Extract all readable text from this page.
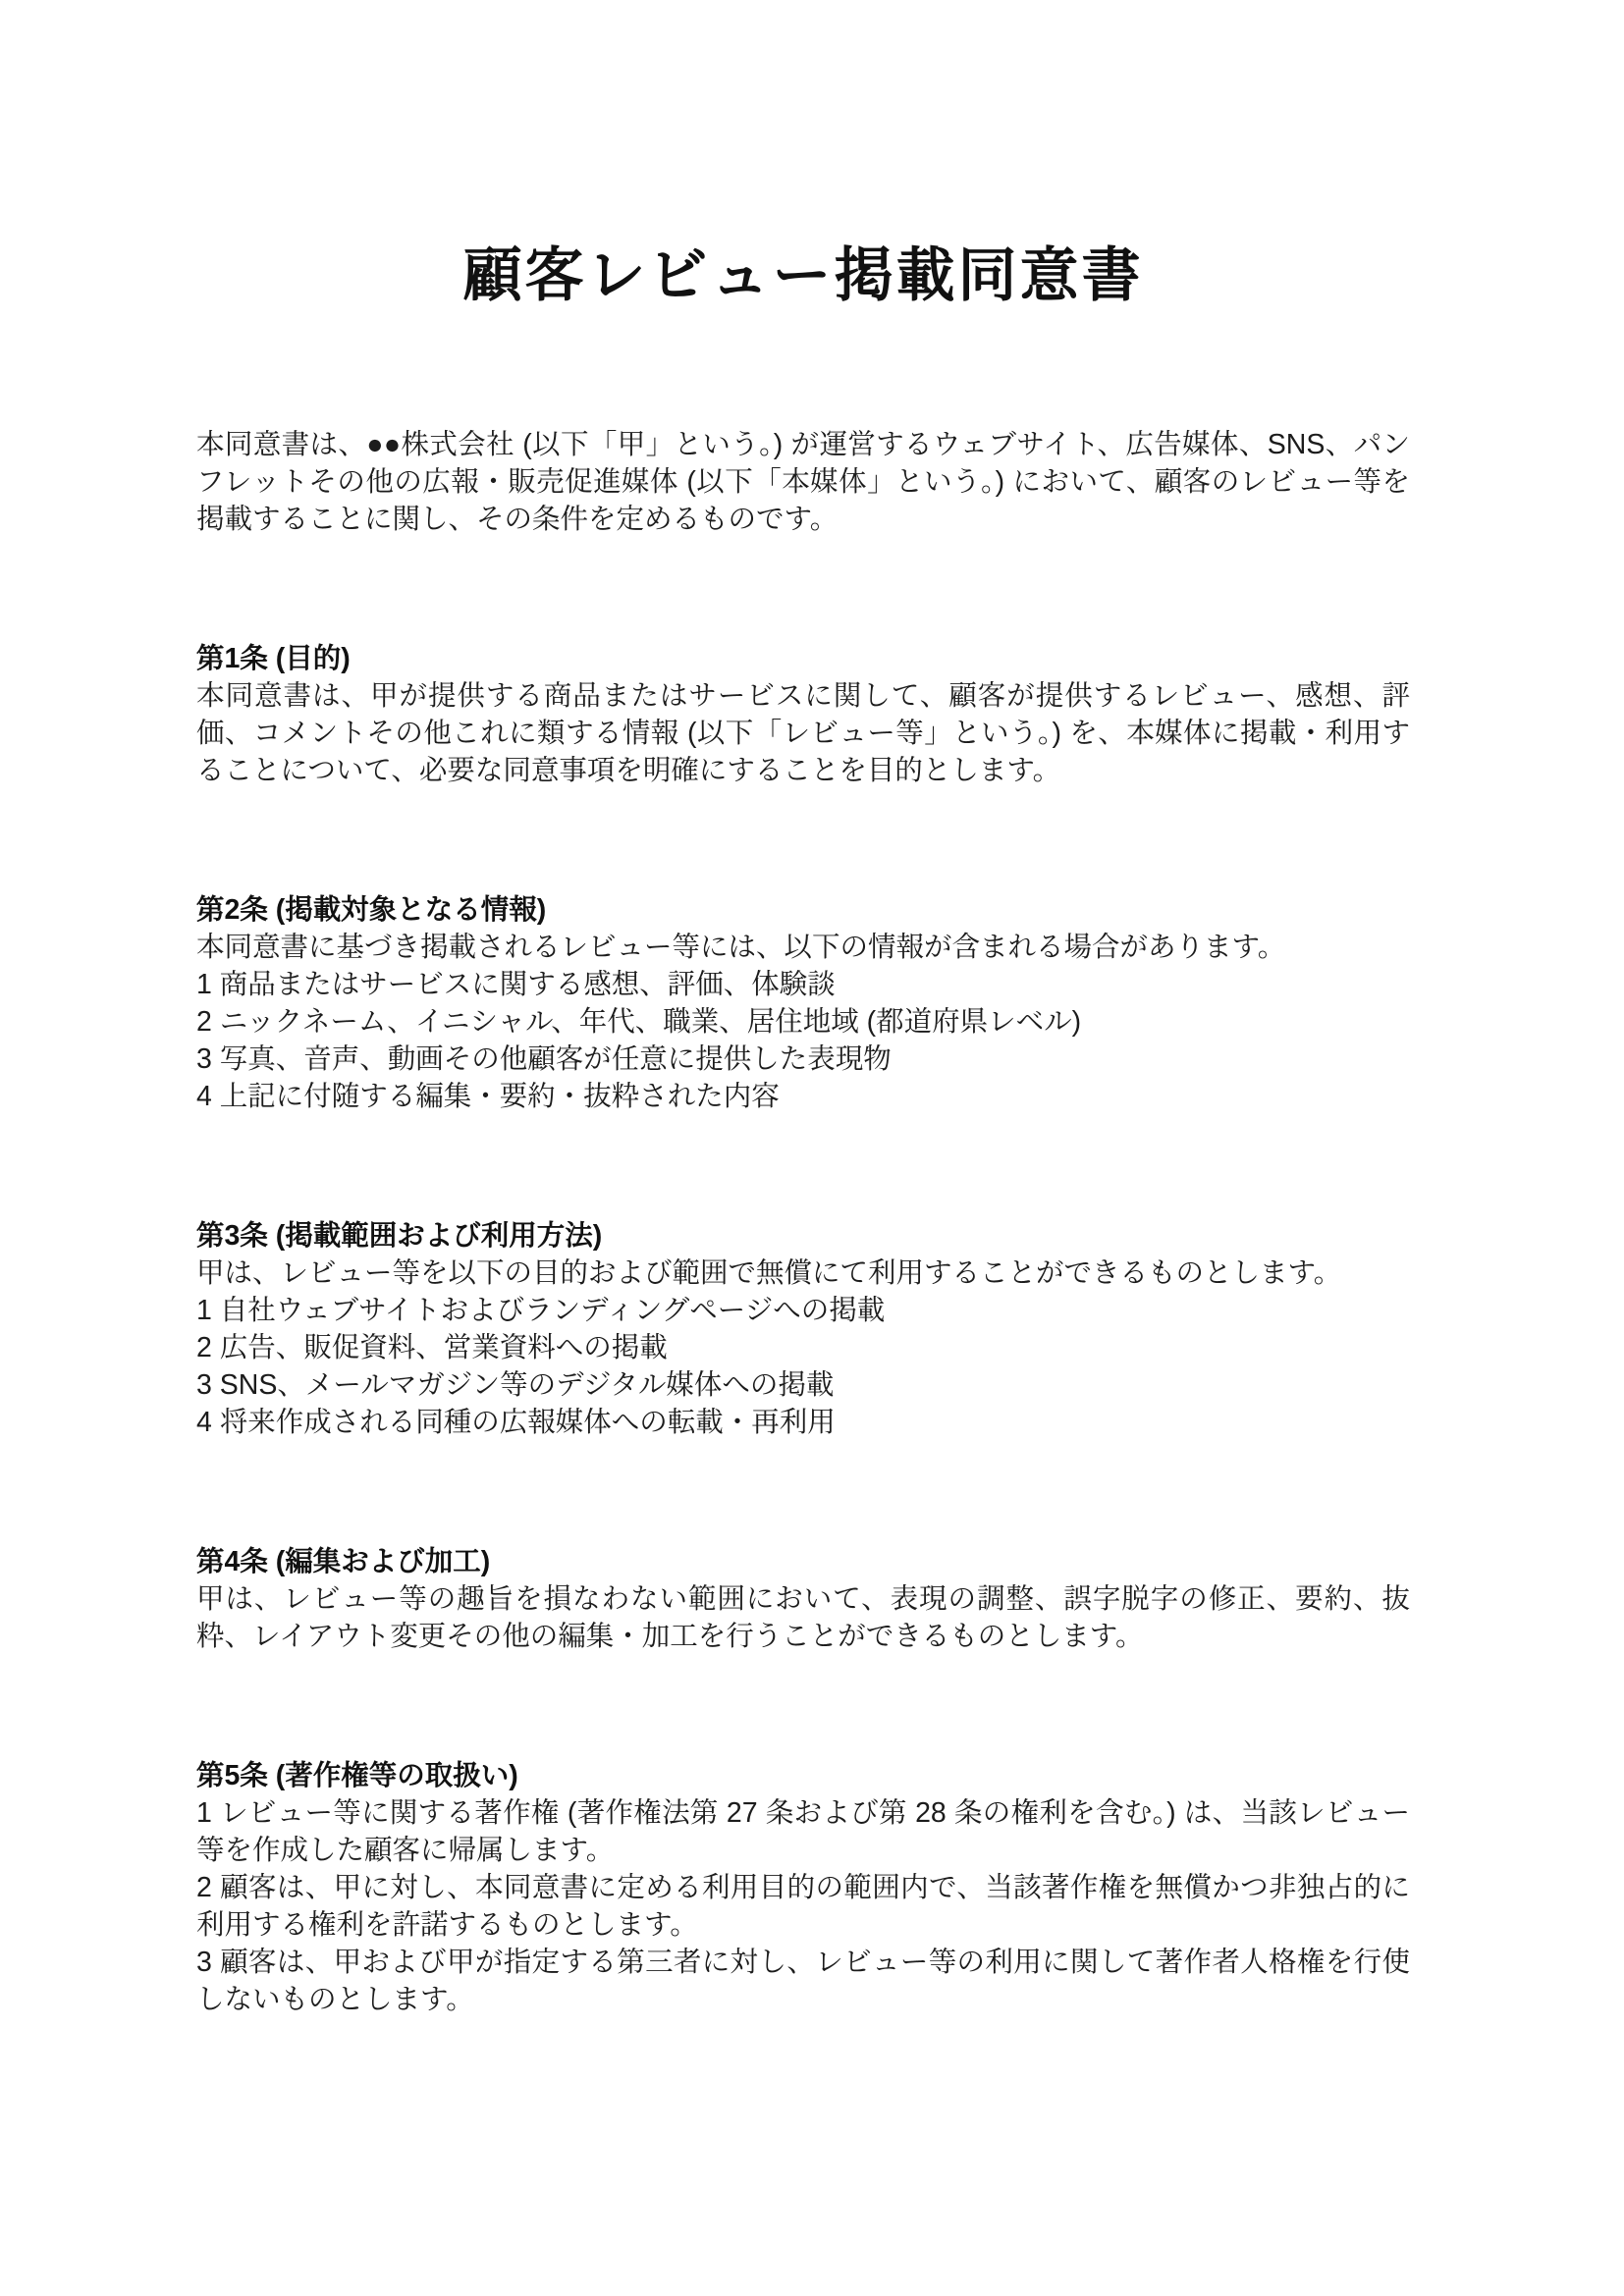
顧客レビュー掲載同意書

本同意書は、●●株式会社 (以下「甲」という。) が運営するウェブサイト、広告媒体、SNS、パンフレットその他の広報・販売促進媒体 (以下「本媒体」という。) において、顧客のレビュー等を掲載することに関し、その条件を定めるものです。

第1条 (目的)

本同意書は、甲が提供する商品またはサービスに関して、顧客が提供するレビュー、感想、評価、コメントその他これに類する情報 (以下「レビュー等」という。) を、本媒体に掲載・利用することについて、必要な同意事項を明確にすることを目的とします。

第2条 (掲載対象となる情報)

本同意書に基づき掲載されるレビュー等には、以下の情報が含まれる場合があります。

1 商品またはサービスに関する感想、評価、体験談

2 ニックネーム、イニシャル、年代、職業、居住地域 (都道府県レベル)

3 写真、音声、動画その他顧客が任意に提供した表現物

4 上記に付随する編集・要約・抜粋された内容

第3条 (掲載範囲および利用方法)

甲は、レビュー等を以下の目的および範囲で無償にて利用することができるものとします。

1 自社ウェブサイトおよびランディングページへの掲載

2 広告、販促資料、営業資料への掲載

3 SNS、メールマガジン等のデジタル媒体への掲載

4 将来作成される同種の広報媒体への転載・再利用

第4条 (編集および加工)

甲は、レビュー等の趣旨を損なわない範囲において、表現の調整、誤字脱字の修正、要約、抜粋、レイアウト変更その他の編集・加工を行うことができるものとします。

第5条 (著作権等の取扱い)

1 レビュー等に関する著作権 (著作権法第 27 条および第 28 条の権利を含む。) は、当該レビュー等を作成した顧客に帰属します。

2 顧客は、甲に対し、本同意書に定める利用目的の範囲内で、当該著作権を無償かつ非独占的に利用する権利を許諾するものとします。

3 顧客は、甲および甲が指定する第三者に対し、レビュー等の利用に関して著作者人格権を行使しないものとします。
